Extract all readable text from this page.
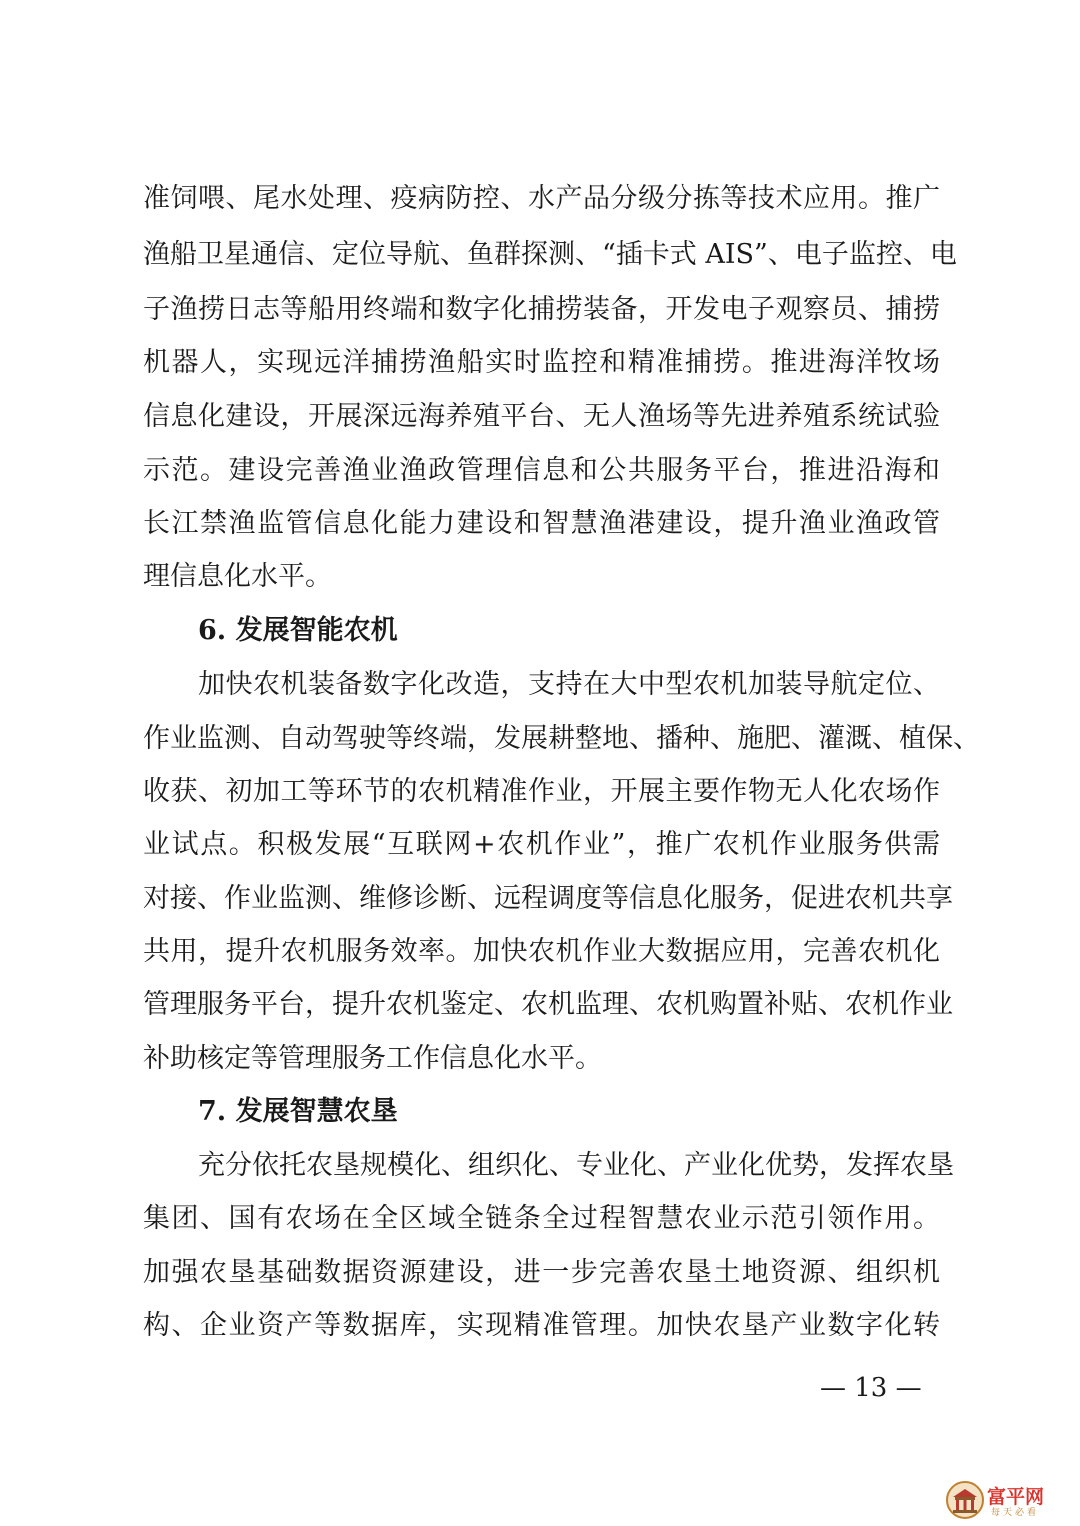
准饲喂、尾水处理、疫病防控、水产品分级分拣等技术应用。推广
渔船卫星通信、定位导航、鱼群探测、“插卡式 AIS”、电子监控、电
子渔捞日志等船用终端和数字化捕捞装备，开发电子观察员、捕捞
机器人，实现远洋捕捞渔船实时监控和精准捕捞。推进海洋牧场
信息化建设，开展深远海养殖平台、无人渔场等先进养殖系统试验
示范。建设完善渔业渔政管理信息和公共服务平台，推进沿海和
长江禁渔监管信息化能力建设和智慧渔港建设，提升渔业渔政管
理信息化水平。
6. 发展智能农机
加快农机装备数字化改造，支持在大中型农机加装导航定位、
作业监测、自动驾驶等终端，发展耕整地、播种、施肥、灌溉、植保、
收获、初加工等环节的农机精准作业，开展主要作物无人化农场作
业试点。积极发展“互联网+农机作业”，推广农机作业服务供需
对接、作业监测、维修诊断、远程调度等信息化服务，促进农机共享
共用，提升农机服务效率。加快农机作业大数据应用，完善农机化
管理服务平台，提升农机鉴定、农机监理、农机购置补贴、农机作业
补助核定等管理服务工作信息化水平。
7. 发展智慧农垦
充分依托农垦规模化、组织化、专业化、产业化优势，发挥农垦
集团、国有农场在全区域全链条全过程智慧农业示范引领作用。
加强农垦基础数据资源建设，进一步完善农垦土地资源、组织机
构、企业资产等数据库，实现精准管理。加快农垦产业数字化转
— 13 —
富平网
每天必看
